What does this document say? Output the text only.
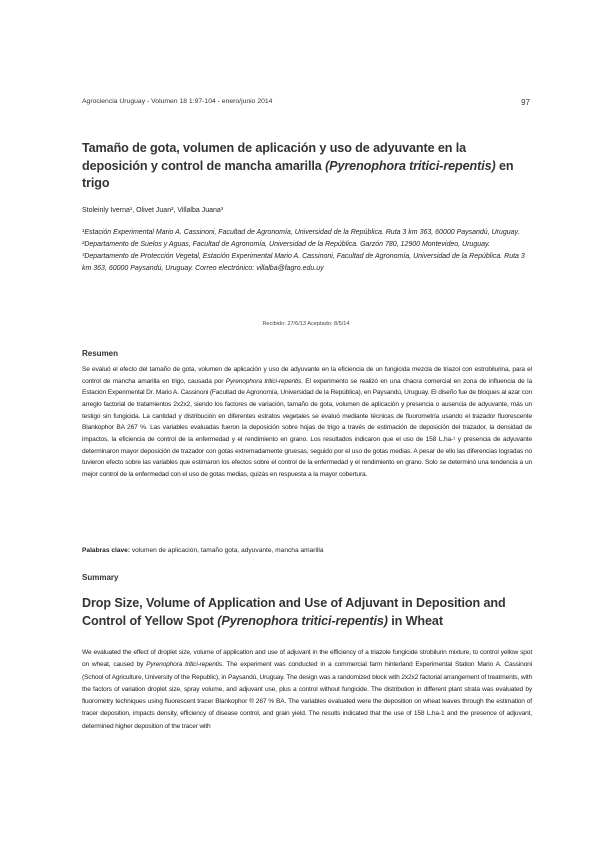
Agrociencia Uruguay - Volumen 18 1:97-104 - enero/junio 2014	97
Tamaño de gota, volumen de aplicación y uso de adyuvante en la deposición y control de mancha amarilla (Pyrenophora tritici-repentis) en trigo
Stoleinly Iverna¹, Olivet Juan², Villalba Juana³

¹Estación Experimental Mario A. Cassinoni, Facultad de Agronomía, Universidad de la República. Ruta 3 km 363, 60000 Paysandú, Uruguay.

²Departamento de Suelos y Aguas, Facultad de Agronomía, Universidad de la República. Garzón 780, 12900 Montevideo, Uruguay.

³Departamento de Protección Vegetal, Estación Experimental Mario A. Cassinoni, Facultad de Agronomía, Universidad de la República. Ruta 3 km 363, 60000 Paysandú, Uruguay. Correo electrónico: villalba@fagro.edu.uy

Recibido: 27/6/13 Aceptado: 8/5/14
Resumen

Se evaluó el efecto del tamaño de gota, volumen de aplicación y uso de adyuvante en la eficiencia de un fungicida mezcla de triazol con estrobilurina, para el control de mancha amarilla en trigo, causada por Pyrenophora tritici-repentis. El experimento se realizó en una chacra comercial en zona de influencia de la Estación Experimental Dr. Mario A. Cassinoni (Facultad de Agronomía, Universidad de la República), en Paysandú, Uruguay. El diseño fue de bloques al azar con arreglo factorial de tratamientos 2x2x2, siendo los factores de variación, tamaño de gota, volumen de aplicación y presencia o ausencia de adyuvante, más un testigo sin fungicida. La cantidad y distribución en diferentes estratos vegetales se evaluó mediante técnicas de fluorometría usando el trazador fluorescente Blankophor BA 267 %. Las variables evaluadas fueron la deposición sobre hojas de trigo a través de estimación de deposición del trazador, la densidad de impactos, la eficiencia de control de la enfermedad y el rendimiento en grano. Los resultados indicaron que el uso de 158 L.ha-¹ y presencia de adyuvante determinaron mayor deposición de trazador con gotas extremadamente gruesas, seguido por el uso de gotas medias. A pesar de ello las diferencias logradas no tuvieron efecto sobre las variables que estimaron los efectos sobre el control de la enfermedad y el rendimiento en grano. Solo se determinó una tendencia a un mejor control de la enfermedad con el uso de gotas medias, quizás en respuesta a la mayor cobertura.

Palabras clave: volumen de aplicación, tamaño gota, adyuvante, mancha amarilla
Summary
Drop Size, Volume of Application and Use of Adjuvant in Deposition and Control of Yellow Spot (Pyrenophora tritici-repentis) in Wheat

We evaluated the effect of droplet size, volume of application and use of adjuvant in the efficiency of a triazole fungicide strobilurin mixture, to control yellow spot on wheat, caused by Pyrenophora tritici-repentis. The experiment was conducted in a commercial farm hinterland Experimental Station Mario A. Cassinoni (School of Agriculture, University of the Republic), in Paysandú, Uruguay. The design was a randomized block with 2x2x2 factorial arrangement of treatments, with the factors of variation droplet size, spray volume, and adjuvant use, plus a control without fungicide. The distribution in different plant strata was evaluated by fluorometry techniques using fluorescent tracer Blankophor ® 267 % BA. The variables evaluated were the deposition on wheat leaves through the estimation of tracer deposition, impacts density, efficiency of disease control, and grain yield. The results indicated that the use of 158 L.ha-1 and the presence of adjuvant, determined higher deposition of the tracer with
